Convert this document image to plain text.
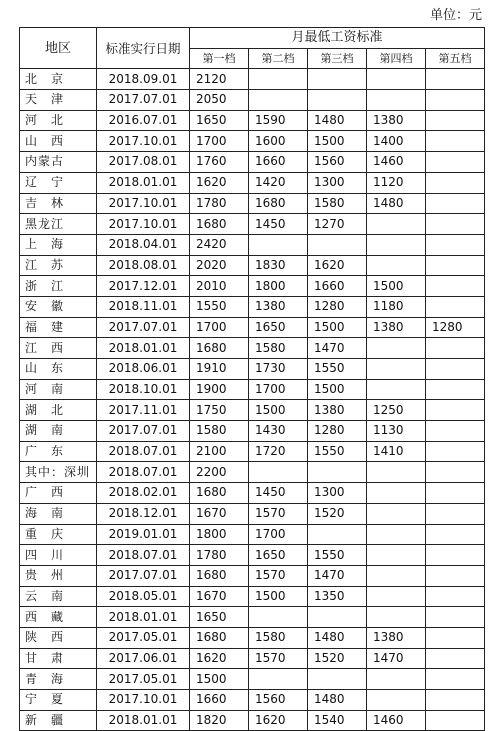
单位：元
地区	标准实行日期	月最低工资标准				
		第一档	第二档	第三档	第四档	第五档
北　京	2018.09.01	2120				
天　津	2017.07.01	2050				
河　北	2016.07.01	1650	1590	1480	1380	
山　西	2017.10.01	1700	1600	1500	1400	
内蒙古	2017.08.01	1760	1660	1560	1460	
辽　宁	2018.01.01	1620	1420	1300	1120	
吉　林	2017.10.01	1780	1680	1580	1480	
黑龙江	2017.10.01	1680	1450	1270		
上　海	2018.04.01	2420				
江　苏	2018.08.01	2020	1830	1620		
浙　江	2017.12.01	2010	1800	1660	1500	
安　徽	2018.11.01	1550	1380	1280	1180	
福　建	2017.07.01	1700	1650	1500	1380	1280
江　西	2018.01.01	1680	1580	1470		
山　东	2018.06.01	1910	1730	1550		
河　南	2018.10.01	1900	1700	1500		
湖　北	2017.11.01	1750	1500	1380	1250	
湖　南	2017.07.01	1580	1430	1280	1130	
广　东	2018.07.01	2100	1720	1550	1410	
其中：深圳	2018.07.01	2200				
广　西	2018.02.01	1680	1450	1300		
海　南	2018.12.01	1670	1570	1520		
重　庆	2019.01.01	1800	1700			
四　川	2018.07.01	1780	1650	1550		
贵　州	2017.07.01	1680	1570	1470		
云　南	2018.05.01	1670	1500	1350		
西　藏	2018.01.01	1650				
陕　西	2017.05.01	1680	1580	1480	1380	
甘　肃	2017.06.01	1620	1570	1520	1470	
青　海	2017.05.01	1500				
宁　夏	2017.10.01	1660	1560	1480		
新　疆	2018.01.01	1820	1620	1540	1460	
